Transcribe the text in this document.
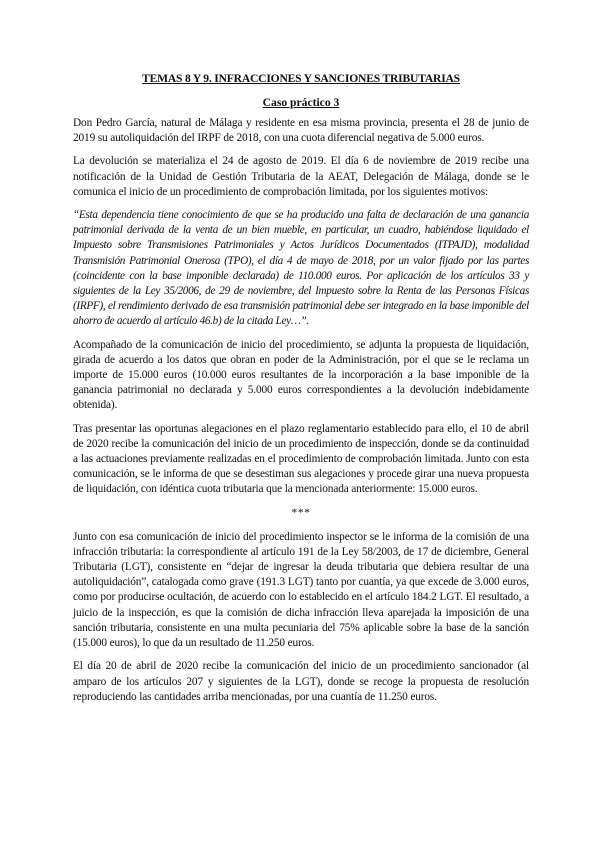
TEMAS 8 Y 9. INFRACCIONES Y SANCIONES TRIBUTARIAS
Caso práctico 3

Don Pedro García, natural de Málaga y residente en esa misma provincia, presenta el 28 de junio de 2019 su autoliquidación del IRPF de 2018, con una cuota diferencial negativa de 5.000 euros.

La devolución se materializa el 24 de agosto de 2019. El día 6 de noviembre de 2019 recibe una notificación de la Unidad de Gestión Tributaria de la AEAT, Delegación de Málaga, donde se le comunica el inicio de un procedimiento de comprobación limitada, por los siguientes motivos:

“Esta dependencia tiene conocimiento de que se ha producido una falta de declaración de una ganancia patrimonial derivada de la venta de un bien mueble, en particular, un cuadro, habiéndose liquidado el Impuesto sobre Transmisiones Patrimoniales y Actos Jurídicos Documentados (ITPAJD), modalidad Transmisión Patrimonial Onerosa (TPO), el día 4 de mayo de 2018, por un valor fijado por las partes (coincidente con la base imponible declarada) de 110.000 euros. Por aplicación de los artículos 33 y siguientes de la Ley 35/2006, de 29 de noviembre, del Impuesto sobre la Renta de las Personas Físicas (IRPF), el rendimiento derivado de esa transmisión patrimonial debe ser integrado en la base imponible del ahorro de acuerdo al artículo 46.b) de la citada Ley…”.

Acompañado de la comunicación de inicio del procedimiento, se adjunta la propuesta de liquidación, girada de acuerdo a los datos que obran en poder de la Administración, por el que se le reclama un importe de 15.000 euros (10.000 euros resultantes de la incorporación a la base imponible de la ganancia patrimonial no declarada y 5.000 euros correspondientes a la devolución indebidamente obtenida).

Tras presentar las oportunas alegaciones en el plazo reglamentario establecido para ello, el 10 de abril de 2020 recibe la comunicación del inicio de un procedimiento de inspección, donde se da continuidad a las actuaciones previamente realizadas en el procedimiento de comprobación limitada. Junto con esta comunicación, se le informa de que se desestiman sus alegaciones y procede girar una nueva propuesta de liquidación, con idéntica cuota tributaria que la mencionada anteriormente: 15.000 euros.

***

Junto con esa comunicación de inicio del procedimiento inspector se le informa de la comisión de una infracción tributaria: la correspondiente al artículo 191 de la Ley 58/2003, de 17 de diciembre, General Tributaria (LGT), consistente en “dejar de ingresar la deuda tributaria que debiera resultar de una autoliquidación”, catalogada como grave (191.3 LGT) tanto por cuantía, ya que excede de 3.000 euros, como por producirse ocultación, de acuerdo con lo establecido en el artículo 184.2 LGT. El resultado, a juicio de la inspección, es que la comisión de dicha infracción lleva aparejada la imposición de una sanción tributaria, consistente en una multa pecuniaria del 75% aplicable sobre la base de la sanción (15.000 euros), lo que da un resultado de 11.250 euros.

El día 20 de abril de 2020 recibe la comunicación del inicio de un procedimiento sancionador (al amparo de los artículos 207 y siguientes de la LGT), donde se recoge la propuesta de resolución reproduciendo las cantidades arriba mencionadas, por una cuantía de 11.250 euros.
